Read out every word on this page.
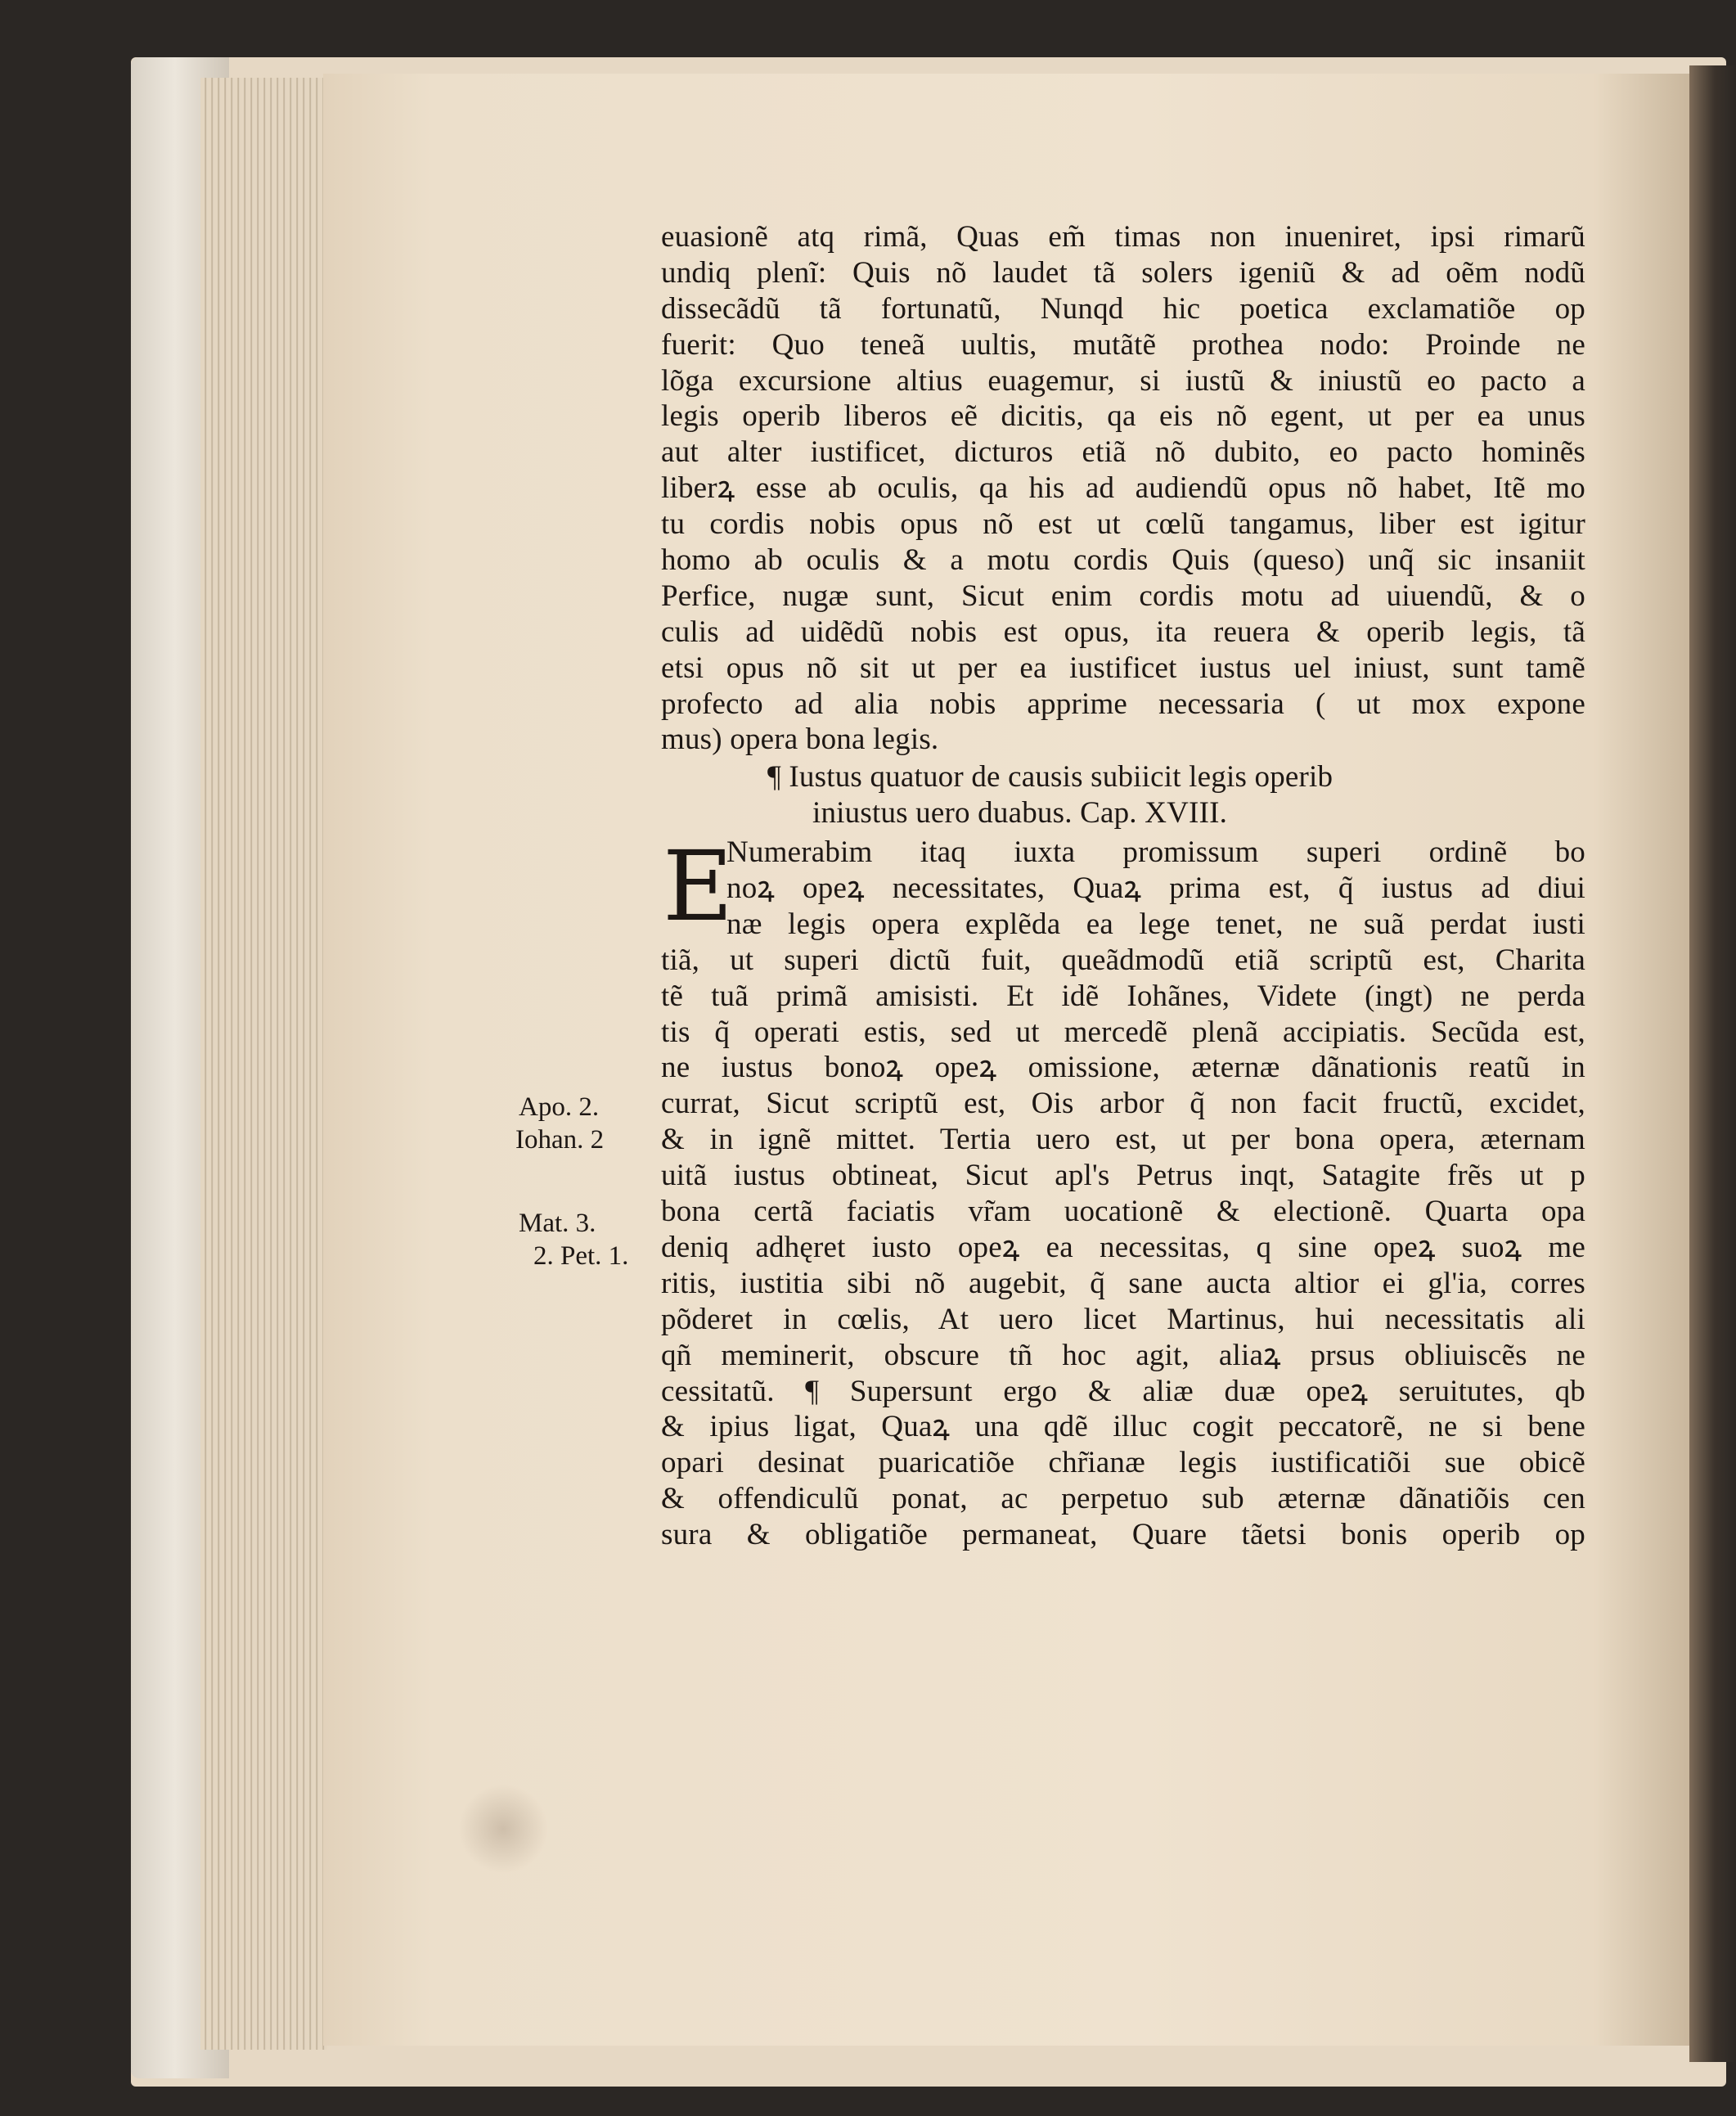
euasionẽ atq rimã, Quas em̃ timas non inueniret, ipsi rimarũ
undiq plenĩ: Quis nõ laudet tã solers igeniũ & ad oẽm nodũ
dissecãdũ tã fortunatũ, Nunqd hic poetica exclamatiõe op
fuerit: Quo teneã uultis, mutãtẽ prothea nodo: Proinde ne
lõga excursione altius euagemur, si iustũ & iniustũ eo pacto a
legis operib liberos eẽ dicitis, qa eis nõ egent, ut per ea unus
aut alter iustificet, dicturos etiã nõ dubito, eo pacto hominẽs
liberꝝ esse ab oculis, qa his ad audiendũ opus nõ habet, Itẽ mo
tu cordis nobis opus nõ est ut cœlũ tangamus, liber est igitur
homo ab oculis & a motu cordis Quis (queso) unq̃ sic insaniit
Perfice, nugæ sunt, Sicut enim cordis motu ad uiuendũ, & o
culis ad uidẽdũ nobis est opus, ita reuera & operib legis, tã
etsi opus nõ sit ut per ea iustificet iustus uel iniust, sunt tamẽ
profecto ad alia nobis apprime necessaria ( ut mox expone
mus) opera bona legis.
¶ Iustus quatuor de causis subiicit legis operib
iniustus uero duabus. Cap. XVIII.
E
Numerabim itaq iuxta promissum superi ordinẽ bo
noꝝ opeꝝ necessitates, Quaꝝ prima est, q̃ iustus ad diui
næ legis opera explẽda ea lege tenet, ne suã perdat iusti
tiã, ut superi dictũ fuit, queãdmodũ etiã scriptũ est, Charita
tẽ tuã primã amisisti. Et idẽ Iohãnes, Videte (ingt) ne perda
tis q̃ operati estis, sed ut mercedẽ plenã accipiatis. Secũda est,
ne iustus bonoꝝ opeꝝ omissione, æternæ dãnationis reatũ in
currat, Sicut scriptũ est, Ois arbor q̃ non facit fructũ, excidet,
& in ignẽ mittet. Tertia uero est, ut per bona opera, æternam
uitã iustus obtineat, Sicut apl's Petrus inqt, Satagite frẽs ut p
bona certã faciatis vr̃am uocationẽ & electionẽ. Quarta opa
deniq adhęret iusto opeꝝ ea necessitas, q sine opeꝝ suoꝝ me
ritis, iustitia sibi nõ augebit, q̃ sane aucta altior ei gl'ia, corres
põderet in cœlis, At uero licet Martinus, hui necessitatis ali
qñ meminerit, obscure tñ hoc agit, aliaꝝ prsus obliuiscẽs ne
cessitatũ. ¶ Supersunt ergo & aliæ duæ opeꝝ seruitutes, qb
& ipius ligat, Quaꝝ una qdẽ illuc cogit peccatorẽ, ne si bene
opari desinat puaricatiõe chr̃ianæ legis iustificatiõi sue obicẽ
& offendiculũ ponat, ac perpetuo sub æternæ dãnatiõis cen
sura & obligatiõe permaneat, Quare tãetsi bonis operib op
Apo. 2.
Iohan. 2
Mat. 3.
2. Pet. 1.
